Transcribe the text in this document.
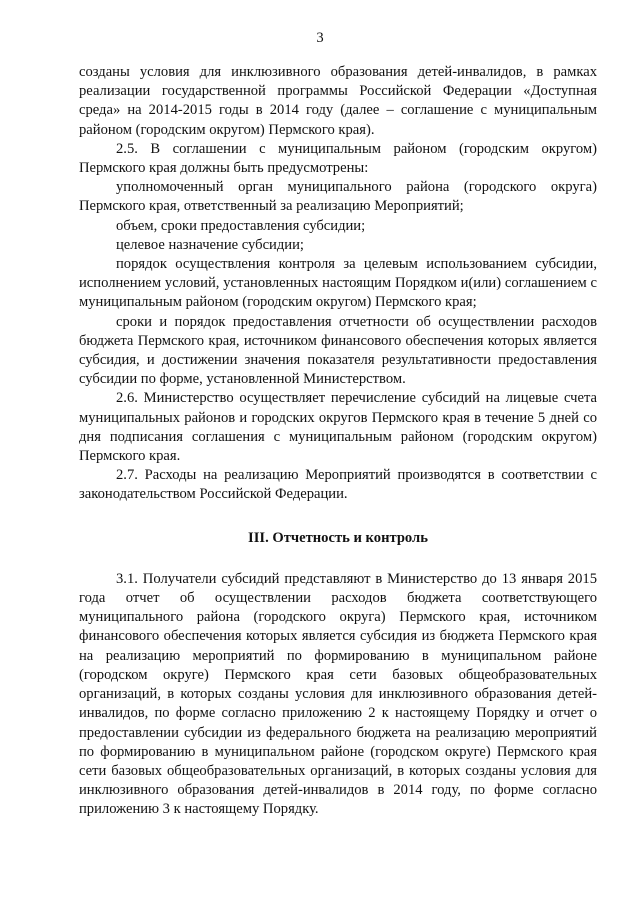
3

созданы условия для инклюзивного образования детей-инвалидов, в рамках реализации государственной программы Российской Федерации «Доступная среда» на 2014-2015 годы в 2014 году (далее – соглашение с муниципальным районом (городским округом) Пермского края).

2.5. В соглашении с муниципальным районом (городским округом) Пермского края должны быть предусмотрены:

уполномоченный орган муниципального района (городского округа) Пермского края, ответственный за реализацию Мероприятий;

объем, сроки предоставления субсидии;

целевое назначение субсидии;

порядок осуществления контроля за целевым использованием субсидии, исполнением условий, установленных настоящим Порядком и(или) соглашением с муниципальным районом (городским округом) Пермского края;

сроки и порядок предоставления отчетности об осуществлении расходов бюджета Пермского края, источником финансового обеспечения которых является субсидия, и достижении значения показателя результативности предоставления субсидии по форме, установленной Министерством.

2.6. Министерство осуществляет перечисление субсидий на лицевые счета муниципальных районов и городских округов Пермского края в течение 5 дней со дня подписания соглашения с муниципальным районом (городским округом) Пермского края.

2.7. Расходы на реализацию Мероприятий производятся в соответствии с законодательством Российской Федерации.

III. Отчетность и контроль

3.1. Получатели субсидий представляют в Министерство до 13 января 2015 года отчет об осуществлении расходов бюджета соответствующего муниципального района (городского округа) Пермского края, источником финансового обеспечения которых является субсидия из бюджета Пермского края на реализацию мероприятий по формированию в муниципальном районе (городском округе) Пермского края сети базовых общеобразовательных организаций, в которых созданы условия для инклюзивного образования детей-инвалидов, по форме согласно приложению 2 к настоящему Порядку и отчет о предоставлении субсидии из федерального бюджета на реализацию мероприятий по формированию в муниципальном районе (городском округе) Пермского края сети базовых общеобразовательных организаций, в которых созданы условия для инклюзивного образования детей-инвалидов в 2014 году, по форме согласно приложению 3 к настоящему Порядку.
